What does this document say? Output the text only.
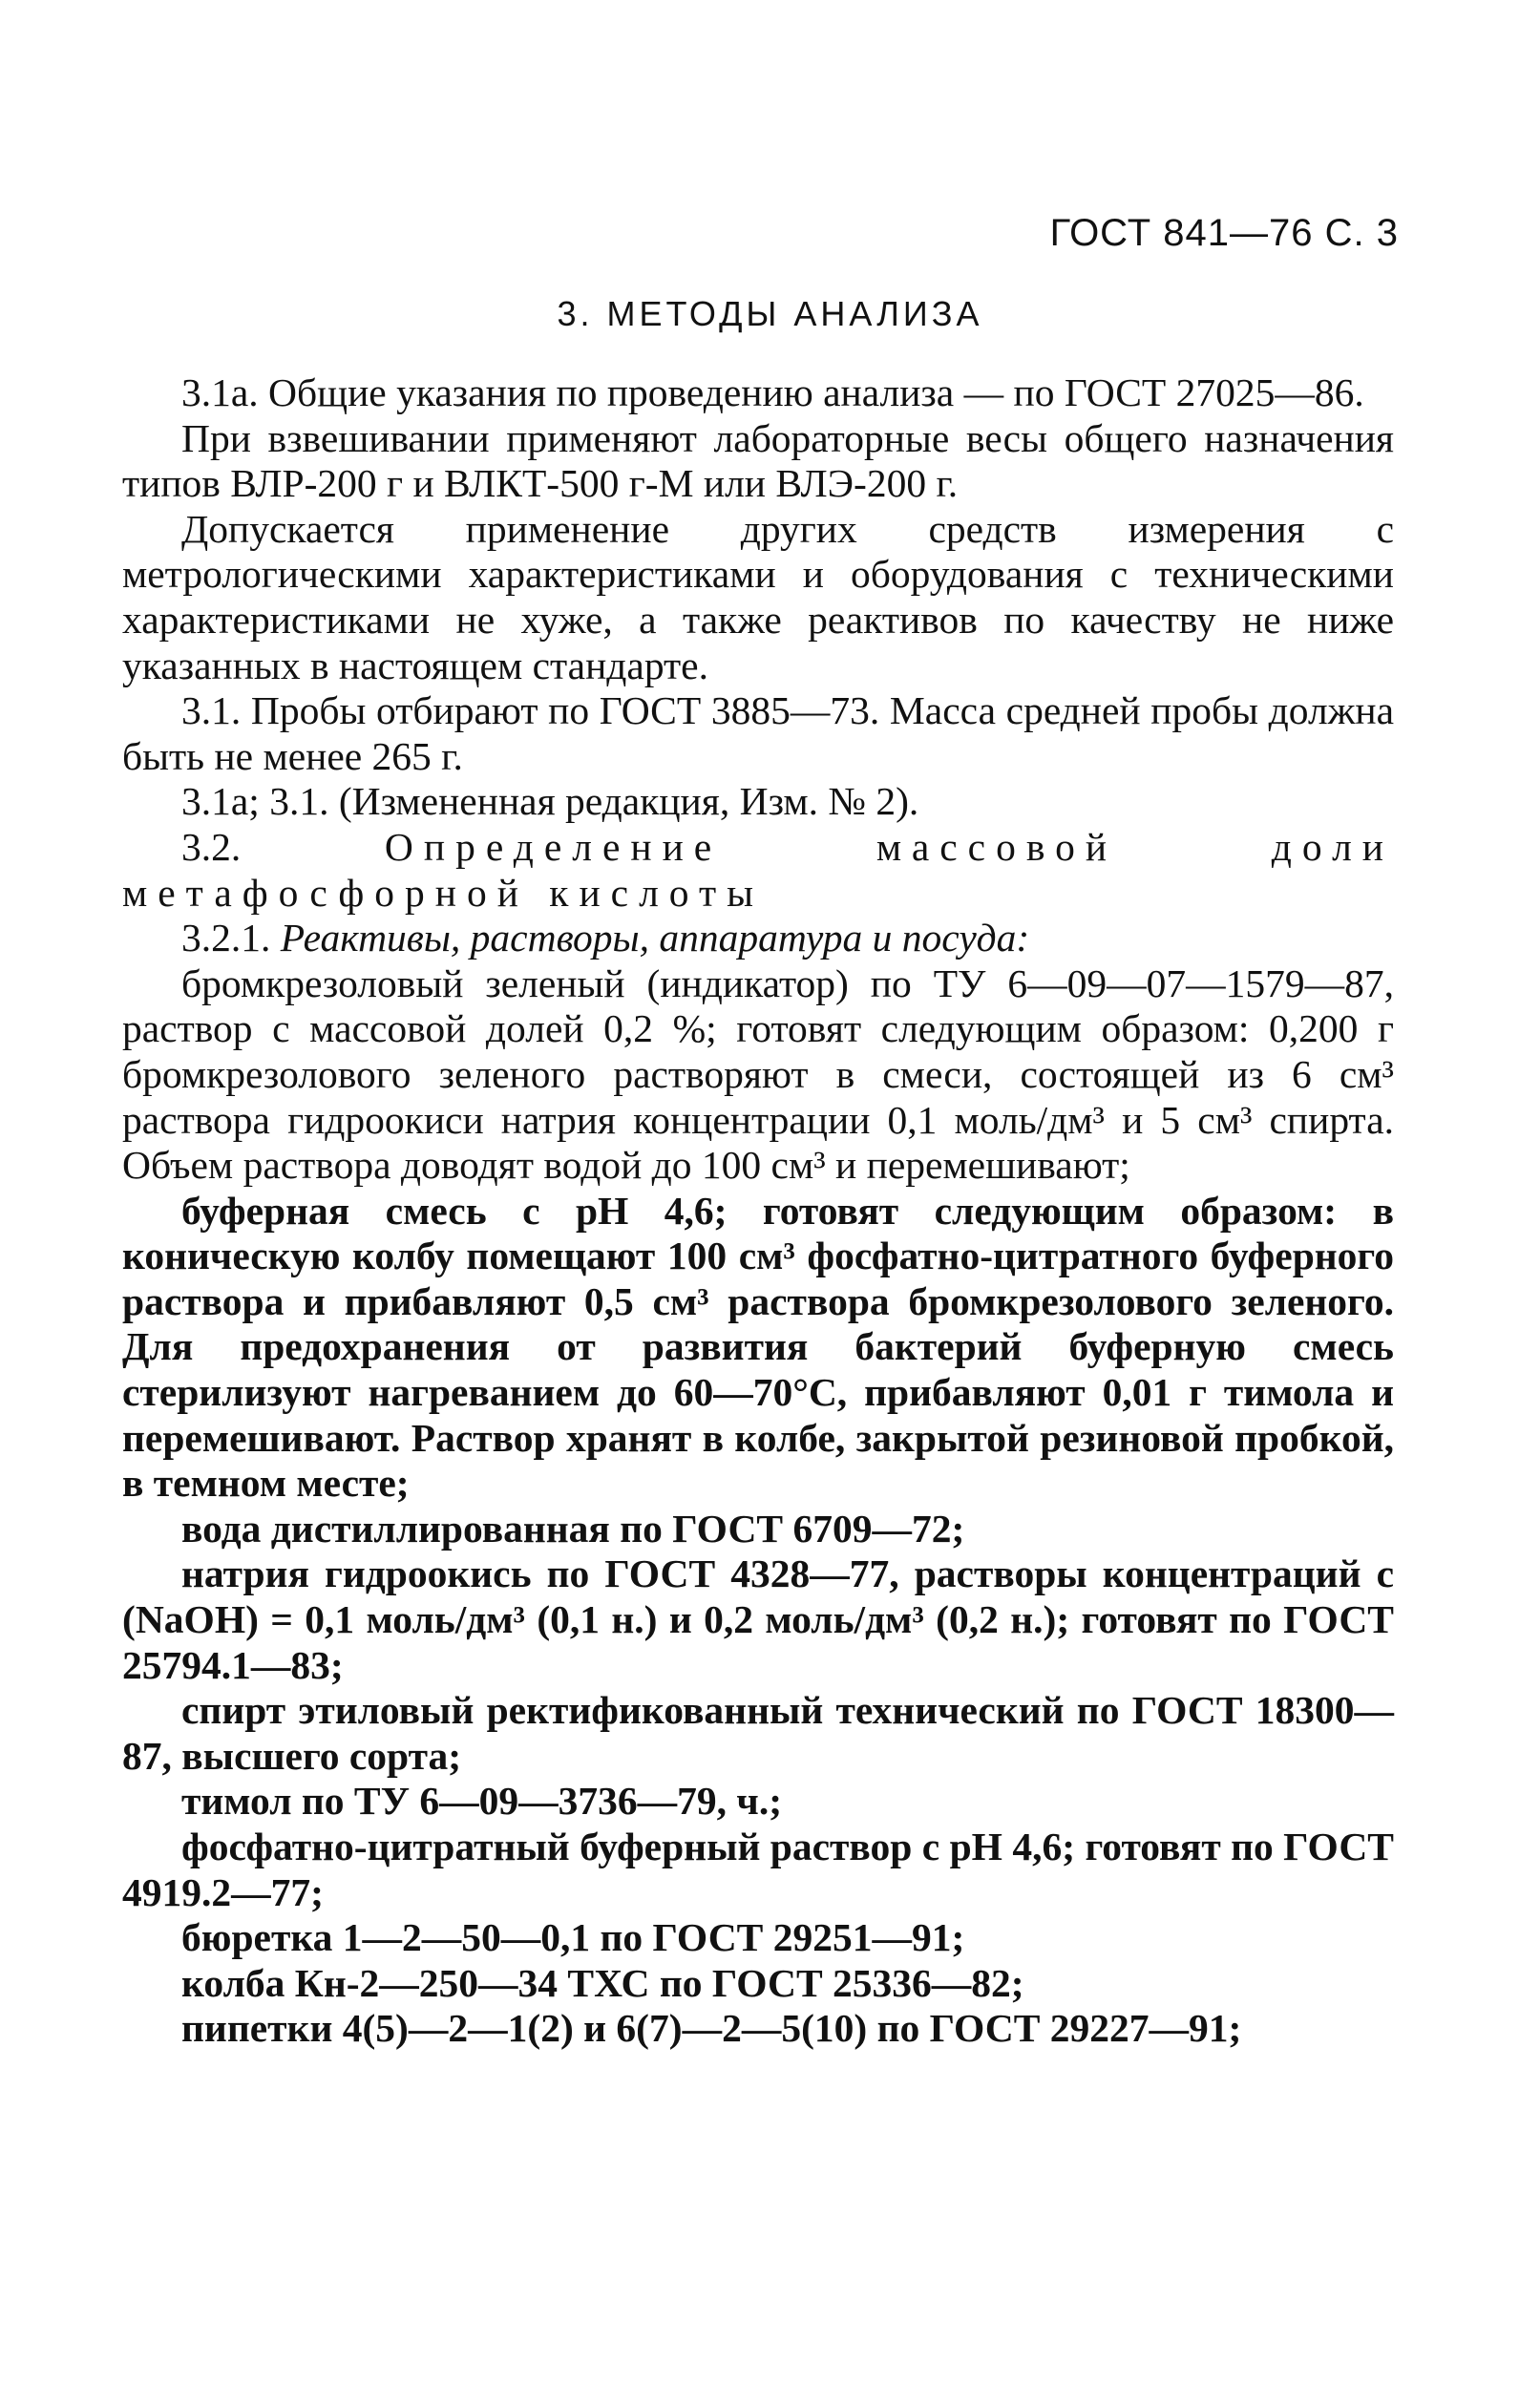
ГОСТ 841—76 С. 3
3. МЕТОДЫ АНАЛИЗА

3.1а. Общие указания по проведению анализа — по ГОСТ 27025—86.

При взвешивании применяют лабораторные весы общего назначения типов ВЛР-200 г и ВЛКТ-500 г-М или ВЛЭ-200 г.

Допускается применение других средств измерения с метрологическими характеристиками и оборудования с техническими характеристиками не хуже, а также реактивов по качеству не ниже указанных в настоящем стандарте.

3.1. Пробы отбирают по ГОСТ 3885—73. Масса средней пробы должна быть не менее 265 г.

3.1а; 3.1. (Измененная редакция, Изм. № 2).

3.2.	Определение массовой доли метафосфорной кислоты

3.2.1. Реактивы, растворы, аппаратура и посуда:

бромкрезоловый зеленый (индикатор) по ТУ 6—09—07—1579—87, раствор с массовой долей 0,2 %; готовят следующим образом: 0,200 г бромкрезолового зеленого растворяют в смеси, состоящей из 6 см³ раствора гидроокиси натрия концентрации 0,1 моль/дм³ и 5 см³ спирта. Объем раствора доводят водой до 100 см³ и перемешивают;

буферная смесь с рН 4,6; готовят следующим образом: в коническую колбу помещают 100 см³ фосфатно-цитратного буферного раствора и прибавляют 0,5 см³ раствора бромкрезолового зеленого. Для предохранения от развития бактерий буферную смесь стерилизуют нагреванием до 60—70°С, прибавляют 0,01 г тимола и перемешивают. Раствор хранят в колбе, закрытой резиновой пробкой, в темном месте;

вода дистиллированная по ГОСТ 6709—72;

натрия гидроокись по ГОСТ 4328—77, растворы концентраций с (NaOH) = 0,1 моль/дм³ (0,1 н.) и 0,2 моль/дм³ (0,2 н.); готовят по ГОСТ 25794.1—83;

спирт этиловый ректификованный технический по ГОСТ 18300—87, высшего сорта;

тимол по ТУ 6—09—3736—79, ч.;

фосфатно-цитратный буферный раствор с рН 4,6; готовят по ГОСТ 4919.2—77;

бюретка 1—2—50—0,1 по ГОСТ 29251—91;

колба Кн-2—250—34 ТХС по ГОСТ 25336—82;

пипетки 4(5)—2—1(2) и 6(7)—2—5(10) по ГОСТ 29227—91;
